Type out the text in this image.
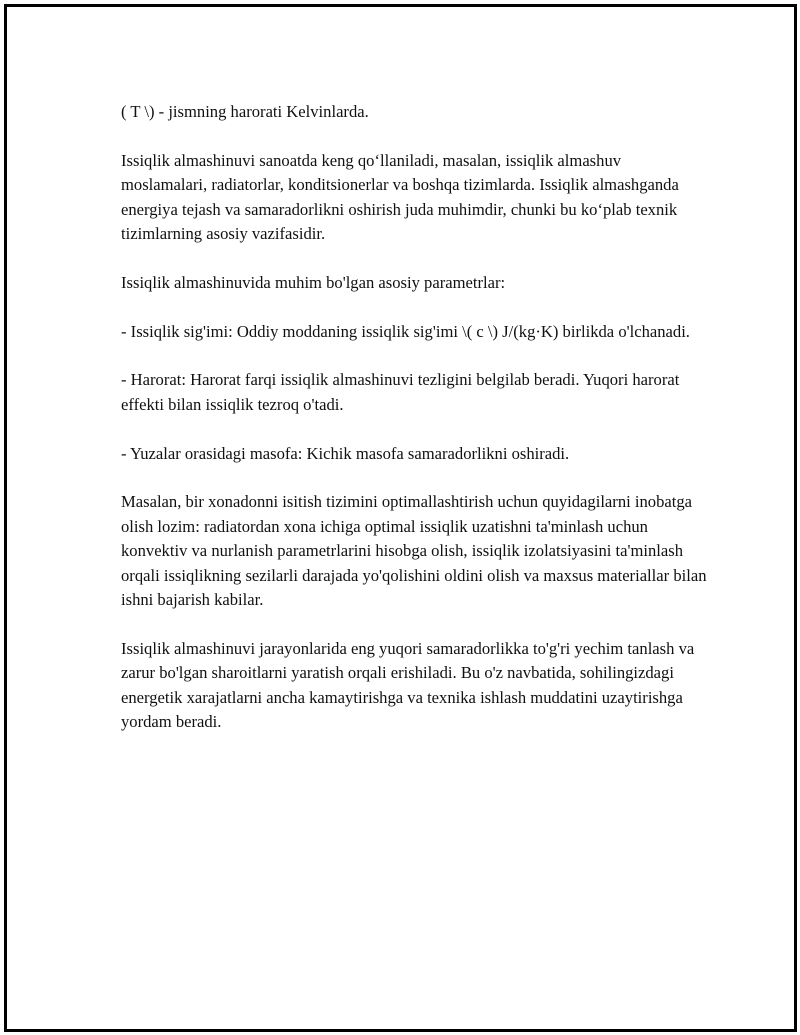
( T \) - jismning harorati Kelvinlarda.

Issiqlik almashinuvi sanoatda keng qo‘llaniladi, masalan, issiqlik almashuv moslamalari, radiatorlar, konditsionerlar va boshqa tizimlarda. Issiqlik almashganda energiya tejash va samaradorlikni oshirish juda muhimdir, chunki bu ko‘plab texnik tizimlarning asosiy vazifasidir.

Issiqlik almashinuvida muhim bo'lgan asosiy parametrlar:

- Issiqlik sig'imi: Oddiy moddaning issiqlik sig'imi \( c \) J/(kg·K) birlikda o'lchanadi.

- Harorat: Harorat farqi issiqlik almashinuvi tezligini belgilab beradi. Yuqori harorat effekti bilan issiqlik tezroq o'tadi.

- Yuzalar orasidagi masofa: Kichik masofa samaradorlikni oshiradi.

Masalan, bir xonadonni isitish tizimini optimallashtirish uchun quyidagilarni inobatga olish lozim: radiatordan xona ichiga optimal issiqlik uzatishni ta'minlash uchun konvektiv va nurlanish parametrlarini hisobga olish, issiqlik izolatsiyasini ta'minlash orqali issiqlikning sezilarli darajada yo'qolishini oldini olish va maxsus materiallar bilan ishni bajarish kabilar.

Issiqlik almashinuvi jarayonlarida eng yuqori samaradorlikka to'g'ri yechim tanlash va zarur bo'lgan sharoitlarni yaratish orqali erishiladi. Bu o'z navbatida, sohilingizdagi energetik xarajatlarni ancha kamaytirishga va texnika ishlash muddatini uzaytirishga yordam beradi.
